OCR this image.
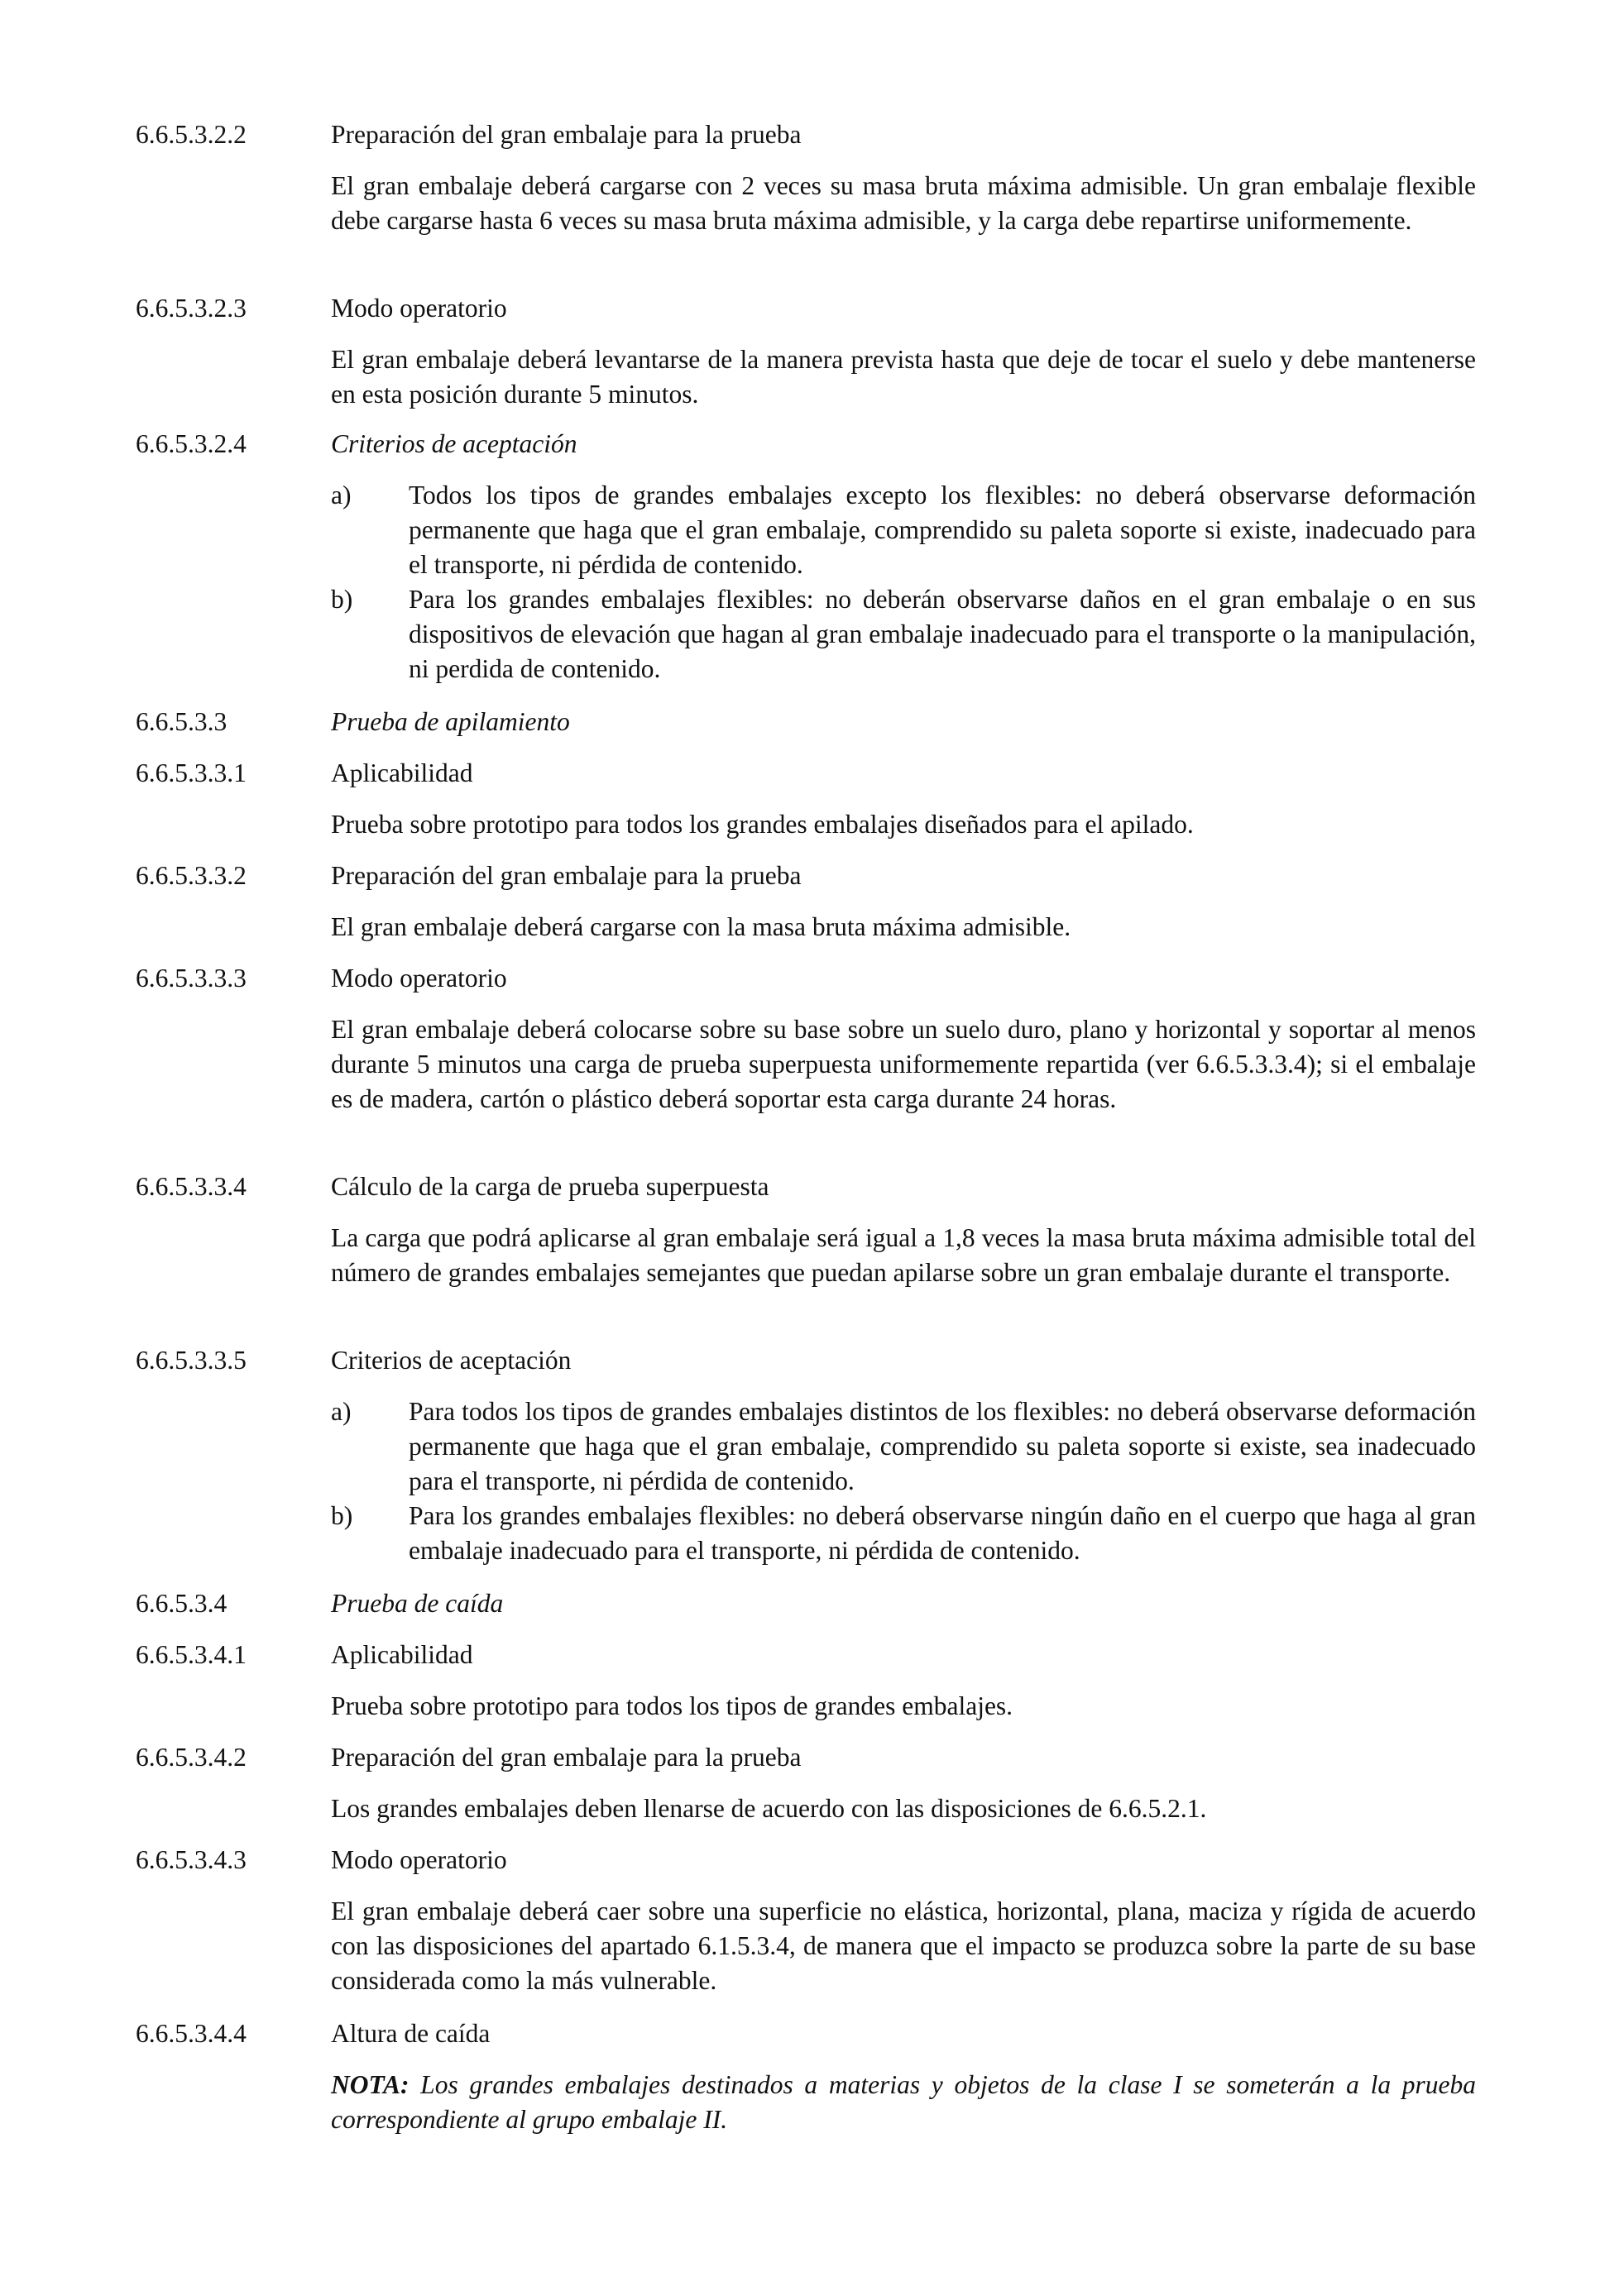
6.6.5.3.2.2	Preparación del gran embalaje para la prueba

El gran embalaje deberá cargarse con 2 veces su masa bruta máxima admisible. Un gran embalaje flexible debe cargarse hasta 6 veces su masa bruta máxima admisible, y la carga debe repartirse uniformemente.

6.6.5.3.2.3	Modo operatorio

El gran embalaje deberá levantarse de la manera prevista hasta que deje de tocar el suelo y debe mantenerse en esta posición durante 5 minutos.

6.6.5.3.2.4	Criterios de aceptación
a) Todos los tipos de grandes embalajes excepto los flexibles: no deberá observarse deformación permanente que haga que el gran embalaje, comprendido su paleta soporte si existe, inadecuado para el transporte, ni pérdida de contenido.

b) Para los grandes embalajes flexibles: no deberán observarse daños en el gran embalaje o en sus dispositivos de elevación que hagan al gran embalaje inadecuado para el transporte o la manipulación, ni perdida de contenido.

6.6.5.3.3	Prueba de apilamiento
6.6.5.3.3.1	Aplicabilidad

Prueba sobre prototipo para todos los grandes embalajes diseñados para el apilado.

6.6.5.3.3.2	Preparación del gran embalaje para la prueba

El gran embalaje deberá cargarse con la masa bruta máxima admisible.

6.6.5.3.3.3	Modo operatorio

El gran embalaje deberá colocarse sobre su base sobre un suelo duro, plano y horizontal y soportar al menos durante 5 minutos una carga de prueba superpuesta uniformemente repartida (ver 6.6.5.3.3.4); si el embalaje es de madera, cartón o plástico deberá soportar esta carga durante 24 horas.

6.6.5.3.3.4	Cálculo de la carga de prueba superpuesta

La carga que podrá aplicarse al gran embalaje será igual a 1,8 veces la masa bruta máxima admisible total del número de grandes embalajes semejantes que puedan apilarse sobre un gran embalaje durante el transporte.

6.6.5.3.3.5	Criterios de aceptación
a) Para todos los tipos de grandes embalajes distintos de los flexibles: no deberá observarse deformación permanente que haga que el gran embalaje, comprendido su paleta soporte si existe, sea inadecuado para el transporte, ni pérdida de contenido.

b) Para los grandes embalajes flexibles: no deberá observarse ningún daño en el cuerpo que haga al gran embalaje inadecuado para el transporte, ni pérdida de contenido.

6.6.5.3.4	Prueba de caída
6.6.5.3.4.1	Aplicabilidad

Prueba sobre prototipo para todos los tipos de grandes embalajes.

6.6.5.3.4.2	Preparación del gran embalaje para la prueba

Los grandes embalajes deben llenarse de acuerdo con las disposiciones de 6.6.5.2.1.

6.6.5.3.4.3	Modo operatorio

El gran embalaje deberá caer sobre una superficie no elástica, horizontal, plana, maciza y rígida de acuerdo con las disposiciones del apartado 6.1.5.3.4, de manera que el impacto se produzca sobre la parte de su base considerada como la más vulnerable.

6.6.5.3.4.4	Altura de caída

NOTA: Los grandes embalajes destinados a materias y objetos de la clase I se someterán a la prueba correspondiente al grupo embalaje II.
